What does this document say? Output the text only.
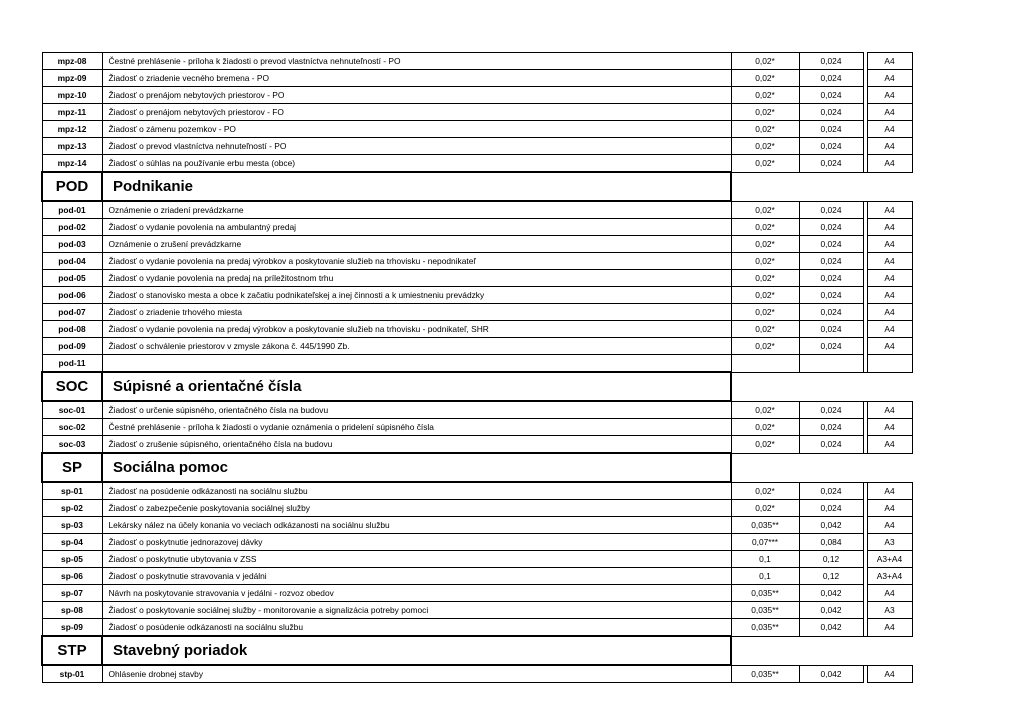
mpz-08	Čestné prehlásenie - príloha k žiadosti o prevod vlastníctva nehnuteľností - PO	0,02*	0,024		A4
mpz-09	Žiadosť o zriadenie vecného bremena - PO	0,02*	0,024		A4
mpz-10	Žiadosť o prenájom nebytových priestorov - PO	0,02*	0,024		A4
mpz-11	Žiadosť o prenájom nebytových priestorov - FO	0,02*	0,024		A4
mpz-12	Žiadosť o zámenu pozemkov - PO	0,02*	0,024		A4
mpz-13	Žiadosť o prevod vlastníctva nehnuteľností - PO	0,02*	0,024		A4
mpz-14	Žiadosť o súhlas na používanie erbu mesta (obce)	0,02*	0,024		A4
POD	Podnikanie				
pod-01	Oznámenie o zriadení prevádzkarne	0,02*	0,024		A4
pod-02	Žiadosť o vydanie povolenia na ambulantný predaj	0,02*	0,024		A4
pod-03	Oznámenie o zrušení prevádzkarne	0,02*	0,024		A4
pod-04	Žiadosť o vydanie povolenia na predaj výrobkov a poskytovanie služieb na trhovisku - nepodnikateľ	0,02*	0,024		A4
pod-05	Žiadosť o vydanie povolenia na predaj na príležitostnom trhu	0,02*	0,024		A4
pod-06	Žiadosť o stanovisko mesta a obce k začatiu podnikateľskej a inej činnosti a k umiestneniu prevádzky	0,02*	0,024		A4
pod-07	Žiadosť o zriadenie trhového miesta	0,02*	0,024		A4
pod-08	Žiadosť o vydanie povolenia na predaj výrobkov a poskytovanie služieb na trhovisku - podnikateľ, SHR	0,02*	0,024		A4
pod-09	Žiadosť o schválenie priestorov v zmysle zákona č. 445/1990 Zb.	0,02*	0,024		A4
pod-11					
SOC	Súpisné a orientačné čísla				
soc-01	Žiadosť o určenie súpisného, orientačného čísla na budovu	0,02*	0,024		A4
soc-02	Čestné prehlásenie - príloha k žiadosti o vydanie oznámenia o pridelení súpisného čísla	0,02*	0,024		A4
soc-03	Žiadosť o zrušenie súpisného, orientačného čísla na budovu	0,02*	0,024		A4
SP	Sociálna pomoc				
sp-01	Žiadosť na posúdenie odkázanosti na sociálnu službu	0,02*	0,024		A4
sp-02	Žiadosť o zabezpečenie poskytovania sociálnej služby	0,02*	0,024		A4
sp-03	Lekársky nález na účely konania vo veciach odkázanosti na sociálnu službu	0,035**	0,042		A4
sp-04	Žiadosť o poskytnutie jednorazovej dávky	0,07***	0,084		A3
sp-05	Žiadosť o poskytnutie ubytovania v ZSS	0,1	0,12		A3+A4
sp-06	Žiadosť o poskytnutie stravovania v jedálni	0,1	0,12		A3+A4
sp-07	Návrh na poskytovanie stravovania v jedálni - rozvoz obedov	0,035**	0,042		A4
sp-08	Žiadosť o poskytovanie sociálnej služby - monitorovanie a signalizácia potreby pomoci	0,035**	0,042		A3
sp-09	Žiadosť o posúdenie odkázanosti na sociálnu službu	0,035**	0,042		A4
STP	Stavebný poriadok				
stp-01	Ohlásenie drobnej stavby	0,035**	0,042		A4
